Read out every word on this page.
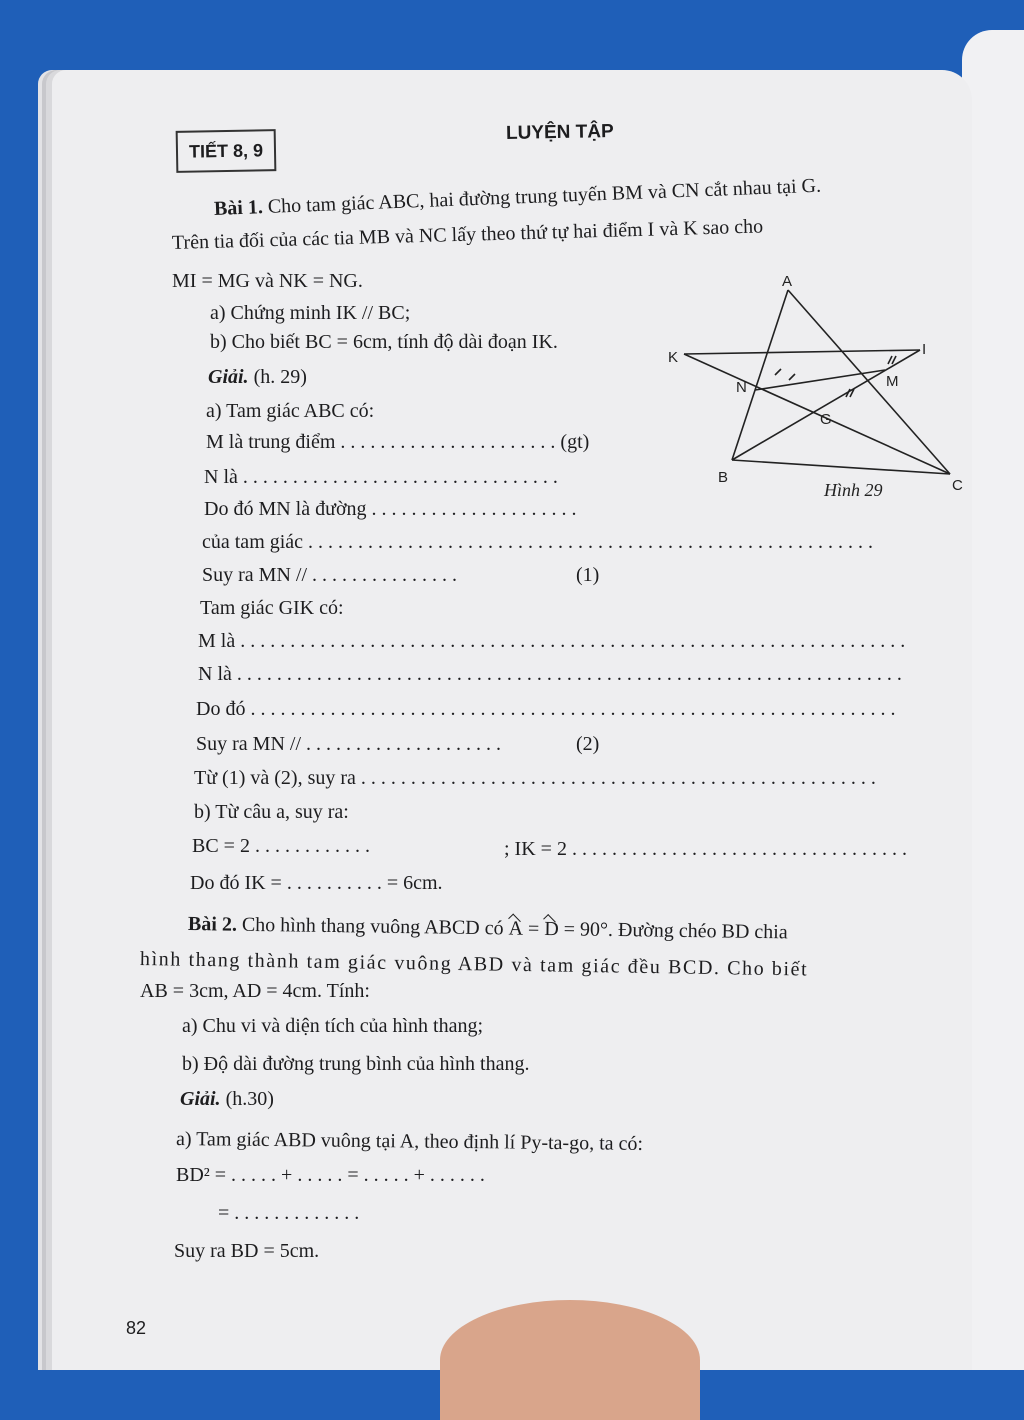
TIẾT 8, 9
LUYỆN TẬP
Bài 1. Cho tam giác ABC, hai đường trung tuyến BM và CN cắt nhau tại G.
Trên tia đối của các tia MB và NC lấy theo thứ tự hai điểm I và K sao cho
MI = MG và NK = NG.
a) Chứng minh IK // BC;
b) Cho biết BC = 6cm, tính độ dài đoạn IK.
Giải. (h. 29)
a) Tam giác ABC có:
M là trung điểm . . . . . . . . . . . . . . . . . . . . . . (gt)
N là . . . . . . . . . . . . . . . . . . . . . . . . . . . . . . . .
Do đó MN là đường . . . . . . . . . . . . . . . . . . . . .
của tam giác . . . . . . . . . . . . . . . . . . . . . . . . . . . . . . . . . . . . . . . . . . . . . . . . . . . . . . . . .
Suy ra MN // . . . . . . . . . . . . . . .	(1)
Tam giác GIK có:
M là . . . . . . . . . . . . . . . . . . . . . . . . . . . . . . . . . . . . . . . . . . . . . . . . . . . . . . . . . . . . . . . . . . .
N là . . . . . . . . . . . . . . . . . . . . . . . . . . . . . . . . . . . . . . . . . . . . . . . . . . . . . . . . . . . . . . . . . . .
Do đó . . . . . . . . . . . . . . . . . . . . . . . . . . . . . . . . . . . . . . . . . . . . . . . . . . . . . . . . . . . . . . . . .
Suy ra MN // . . . . . . . . . . . . . . . . . . . .	(2)
Từ (1) và (2), suy ra . . . . . . . . . . . . . . . . . . . . . . . . . . . . . . . . . . . . . . . . . . . . . . . . . . . .
b) Từ câu a, suy ra:
BC = 2 . . . . . . . . . . . .	; IK = 2 . . . . . . . . . . . . . . . . . . . . . . . . . . . . . . . . . .
Do đó IK = . . . . . . . . . . = 6cm.
A
B	C
K	I
N	M
G
Hình 29
Bài 2. Cho hình thang vuông ABCD có A = D = 90°. Đường chéo BD chia
hình thang thành tam giác vuông ABD và tam giác đều BCD. Cho biết
AB = 3cm, AD = 4cm. Tính:
a) Chu vi và diện tích của hình thang;
b) Độ dài đường trung bình của hình thang.
Giải. (h.30)
a) Tam giác ABD vuông tại A, theo định lí Py-ta-go, ta có:
BD² = . . . . . + . . . . . = . . . . . + . . . . . .
= . . . . . . . . . . . . .
Suy ra BD = 5cm.
82
